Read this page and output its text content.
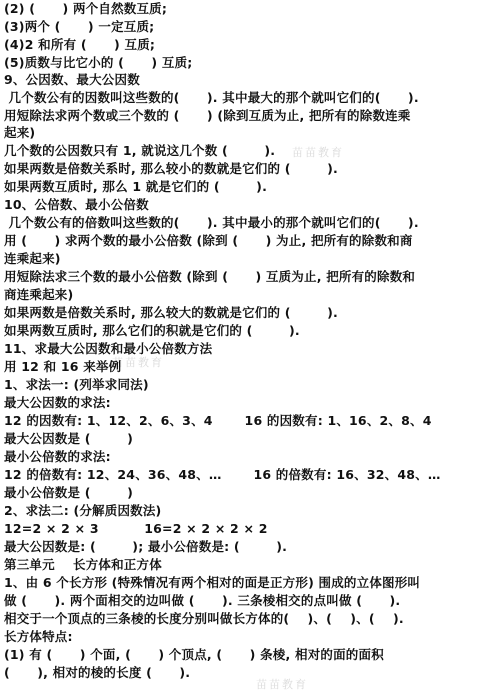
苗苗教育
苗苗教育
苗苗教育
(2) (      ) 两个自然数互质;
(3)两个 (      ) 一定互质;
(4)2 和所有 (      ) 互质;
(5)质数与比它小的 (      ) 互质;
9、公因数、最大公因数
几个数公有的因数叫这些数的(      ). 其中最大的那个就叫它们的(      ).
用短除法求两个数或三个数的 (      ) (除到互质为止, 把所有的除数连乘
起来)
几个数的公因数只有 1, 就说这几个数 (        ).
如果两数是倍数关系时, 那么较小的数就是它们的 (        ).
如果两数互质时, 那么 1 就是它们的 (        ).
10、公倍数、最小公倍数
几个数公有的倍数叫这些数的(      ). 其中最小的那个就叫它们的(      ).
用 (      ) 求两个数的最小公倍数 (除到 (      ) 为止, 把所有的除数和商
连乘起来)
用短除法求三个数的最小公倍数 (除到 (      ) 互质为止, 把所有的除数和
商连乘起来)
如果两数是倍数关系时, 那么较大的数就是它们的 (        ).
如果两数互质时, 那么它们的积就是它们的 (        ).
11、求最大公因数和最小公倍数方法
用 12 和 16 来举例
1、求法一: (列举求同法)
最大公因数的求法:
12 的因数有: 1、12、2、6、3、4       16 的因数有: 1、16、2、8、4
最大公因数是 (        )
最小公倍数的求法:
12 的倍数有: 12、24、36、48、…       16 的倍数有: 16、32、48、…
最小公倍数是 (        )
2、求法二: (分解质因数法)
12=2 × 2 × 3          16=2 × 2 × 2 × 2
最大公因数是: (        ); 最小公倍数是: (        ).
第三单元    长方体和正方体
1、由 6 个长方形 (特殊情况有两个相对的面是正方形) 围成的立体图形叫
做 (      ). 两个面相交的边叫做 (      ). 三条棱相交的点叫做 (      ).
相交于一个顶点的三条棱的长度分别叫做长方体的(    )、(    )、(    ).
长方体特点:
(1) 有 (      ) 个面, (      ) 个顶点, (      ) 条棱, 相对的面的面积
(      ), 相对的棱的长度 (      ).
